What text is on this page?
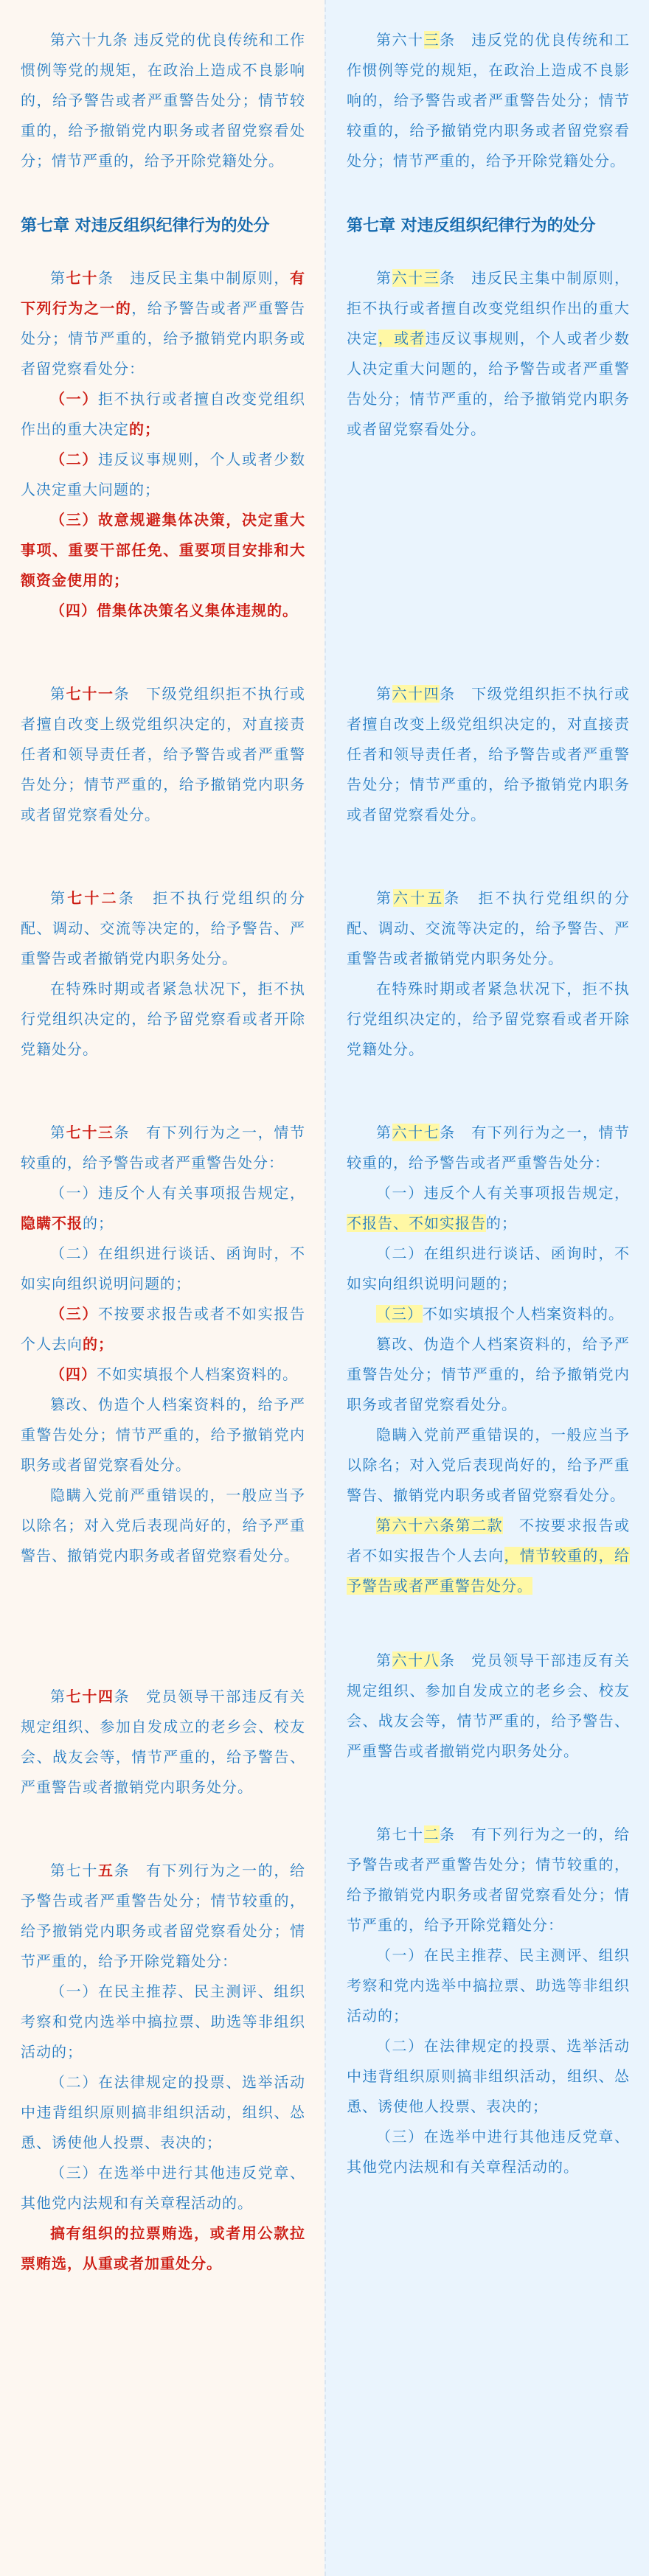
第六十九条 违反党的优良传统和工作惯例等党的规矩，在政治上造成不良影响的，给予警告或者严重警告处分；情节较重的，给予撤销党内职务或者留党察看处分；情节严重的，给予开除党籍处分。

第七章 对违反组织纪律行为的处分

第七十条　违反民主集中制原则，有下列行为之一的，给予警告或者严重警告处分；情节严重的，给予撤销党内职务或者留党察看处分：

（一）拒不执行或者擅自改变党组织作出的重大决定的；

（二）违反议事规则，个人或者少数人决定重大问题的；

（三）故意规避集体决策，决定重大事项、重要干部任免、重要项目安排和大额资金使用的；

（四）借集体决策名义集体违规的。

第七十一条　下级党组织拒不执行或者擅自改变上级党组织决定的，对直接责任者和领导责任者，给予警告或者严重警告处分；情节严重的，给予撤销党内职务或者留党察看处分。

第七十二条　拒不执行党组织的分配、调动、交流等决定的，给予警告、严重警告或者撤销党内职务处分。

在特殊时期或者紧急状况下，拒不执行党组织决定的，给予留党察看或者开除党籍处分。

第七十三条　有下列行为之一，情节较重的，给予警告或者严重警告处分：

（一）违反个人有关事项报告规定，隐瞒不报的；

（二）在组织进行谈话、函询时，不如实向组织说明问题的；

（三）不按要求报告或者不如实报告个人去向的；

（四）不如实填报个人档案资料的。

篡改、伪造个人档案资料的，给予严重警告处分；情节严重的，给予撤销党内职务或者留党察看处分。

隐瞒入党前严重错误的，一般应当予以除名；对入党后表现尚好的，给予严重警告、撤销党内职务或者留党察看处分。

第七十四条　党员领导干部违反有关规定组织、参加自发成立的老乡会、校友会、战友会等，情节严重的，给予警告、严重警告或者撤销党内职务处分。

第七十五条　有下列行为之一的，给予警告或者严重警告处分；情节较重的，给予撤销党内职务或者留党察看处分；情节严重的，给予开除党籍处分：

（一）在民主推荐、民主测评、组织考察和党内选举中搞拉票、助选等非组织活动的；

（二）在法律规定的投票、选举活动中违背组织原则搞非组织活动，组织、怂恿、诱使他人投票、表决的；

（三）在选举中进行其他违反党章、其他党内法规和有关章程活动的。

搞有组织的拉票贿选，或者用公款拉票贿选，从重或者加重处分。

第六十三条　违反党的优良传统和工作惯例等党的规矩，在政治上造成不良影响的，给予警告或者严重警告处分；情节较重的，给予撤销党内职务或者留党察看处分；情节严重的，给予开除党籍处分。

第七章 对违反组织纪律行为的处分

第六十三条　违反民主集中制原则，拒不执行或者擅自改变党组织作出的重大决定，或者违反议事规则，个人或者少数人决定重大问题的，给予警告或者严重警告处分；情节严重的，给予撤销党内职务或者留党察看处分。

第六十四条　下级党组织拒不执行或者擅自改变上级党组织决定的，对直接责任者和领导责任者，给予警告或者严重警告处分；情节严重的，给予撤销党内职务或者留党察看处分。

第六十五条　拒不执行党组织的分配、调动、交流等决定的，给予警告、严重警告或者撤销党内职务处分。

在特殊时期或者紧急状况下，拒不执行党组织决定的，给予留党察看或者开除党籍处分。

第六十七条　有下列行为之一，情节较重的，给予警告或者严重警告处分：

（一）违反个人有关事项报告规定，不报告、不如实报告的；

（二）在组织进行谈话、函询时，不如实向组织说明问题的；

（三）不如实填报个人档案资料的。

篡改、伪造个人档案资料的，给予严重警告处分；情节严重的，给予撤销党内职务或者留党察看处分。

隐瞒入党前严重错误的，一般应当予以除名；对入党后表现尚好的，给予严重警告、撤销党内职务或者留党察看处分。

第六十六条第二款　不按要求报告或者不如实报告个人去向，情节较重的，给予警告或者严重警告处分。

第六十八条　党员领导干部违反有关规定组织、参加自发成立的老乡会、校友会、战友会等，情节严重的，给予警告、严重警告或者撤销党内职务处分。

第七十二条　有下列行为之一的，给予警告或者严重警告处分；情节较重的，给予撤销党内职务或者留党察看处分；情节严重的，给予开除党籍处分：

（一）在民主推荐、民主测评、组织考察和党内选举中搞拉票、助选等非组织活动的；

（二）在法律规定的投票、选举活动中违背组织原则搞非组织活动，组织、怂恿、诱使他人投票、表决的；

（三）在选举中进行其他违反党章、其他党内法规和有关章程活动的。
